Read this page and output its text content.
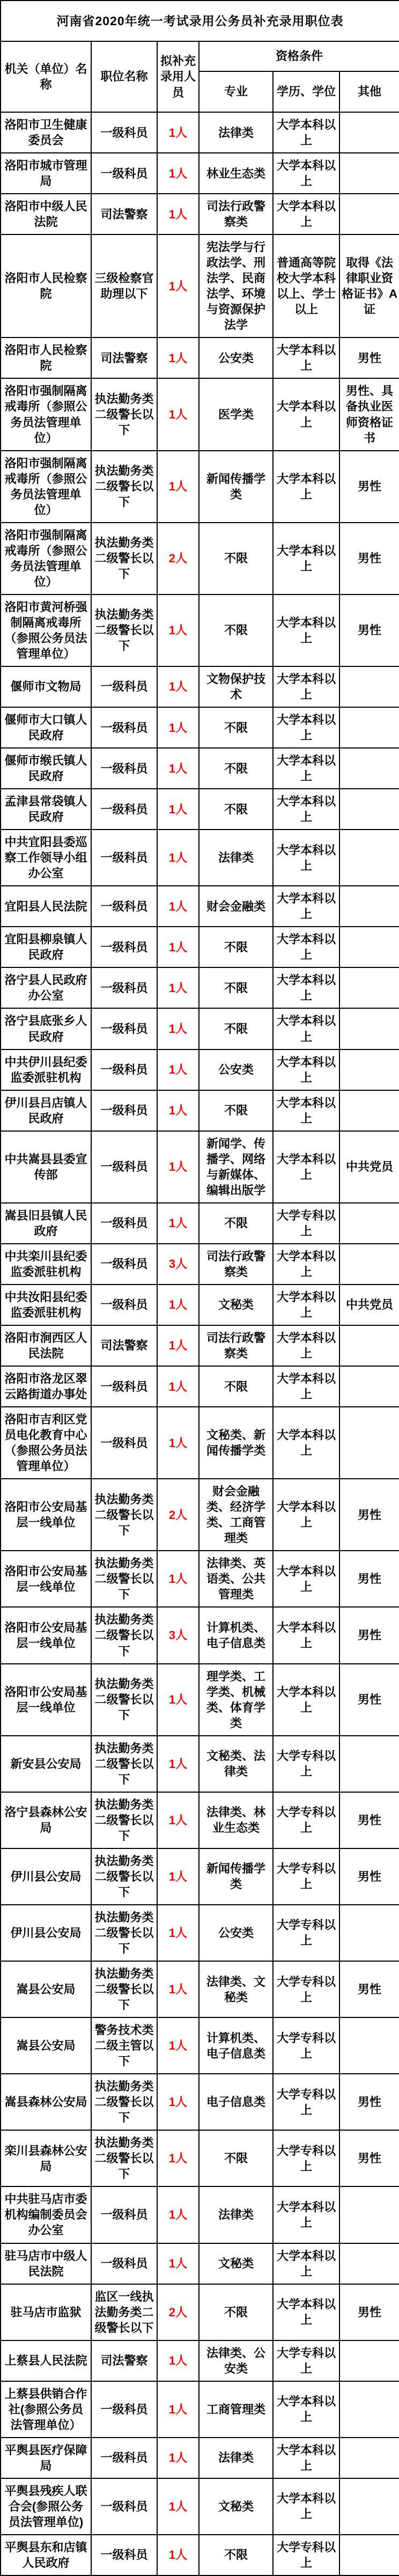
河南省2020年统一考试录用公务员补充录用职位表					
机关（单位）名称	职位名称	拟补充录用人员	资格条件		
			专业	学历、学位	其他
洛阳市卫生健康委员会	一级科员	1人	法律类	大学本科以上	
洛阳市城市管理局	一级科员	1人	林业生态类	大学本科以上	
洛阳市中级人民法院	司法警察	1人	司法行政警察类	大学本科以上	
洛阳市人民检察院	三级检察官助理以下	1人	宪法学与行政法学、刑法学、民商法学、环境与资源保护法学	普通高等院校大学本科以上、学士以上	取得《法律职业资格证书》A证
洛阳市人民检察院	司法警察	1人	公安类	大学本科以上	男性
洛阳市强制隔离戒毒所（参照公务员法管理单位）	执法勤务类二级警长以下	1人	医学类	大学本科以上	男性、具备执业医师资格证书
洛阳市强制隔离戒毒所（参照公务员法管理单位）	执法勤务类二级警长以下	1人	新闻传播学类	大学本科以上	男性
洛阳市强制隔离戒毒所（参照公务员法管理单位）	执法勤务类二级警长以下	2人	不限	大学本科以上	男性
洛阳市黄河桥强制隔离戒毒所（参照公务员法管理单位）	执法勤务类二级警长以下	1人	不限	大学本科以上	男性
偃师市文物局	一级科员	1人	文物保护技术	大学本科以上	
偃师市大口镇人民政府	一级科员	1人	不限	大学本科以上	
偃师市缑氏镇人民政府	一级科员	1人	不限	大学本科以上	
孟津县常袋镇人民政府	一级科员	1人	不限	大学本科以上	
中共宜阳县委巡察工作领导小组办公室	一级科员	1人	法律类	大学本科以上	
宜阳县人民法院	一级科员	1人	财会金融类	大学本科以上	
宜阳县柳泉镇人民政府	一级科员	1人	不限	大学本科以上	
洛宁县人民政府办公室	一级科员	1人	不限	大学本科以上	
洛宁县底张乡人民政府	一级科员	1人	不限	大学本科以上	
中共伊川县纪委监委派驻机构	一级科员	1人	公安类	大学本科以上	
伊川县吕店镇人民政府	一级科员	1人	不限	大学本科以上	
中共嵩县县委宣传部	一级科员	1人	新闻学、传播学、网络与新媒体、编辑出版学	大学本科以上	中共党员
嵩县旧县镇人民政府	一级科员	1人	不限	大学专科以上	
中共栾川县纪委监委派驻机构	一级科员	3人	司法行政警察类	大学本科以上	
中共汝阳县纪委监委派驻机构	一级科员	1人	文秘类	大学本科以上	中共党员
洛阳市涧西区人民法院	司法警察	1人	司法行政警察类	大学本科以上	
洛阳市洛龙区翠云路街道办事处	一级科员	1人	不限	大学本科以上	
洛阳市吉利区党员电化教育中心（参照公务员法管理单位）	一级科员	1人	文秘类、新闻传播学类	大学本科以上	
洛阳市公安局基层一线单位	执法勤务类二级警长以下	2人	财会金融类、经济学类、工商管理类	大学本科以上	男性
洛阳市公安局基层一线单位	执法勤务类二级警长以下	1人	法律类、英语类、公共管理类	大学本科以上	男性
洛阳市公安局基层一线单位	执法勤务类二级警长以下	3人	计算机类、电子信息类	大学本科以上	男性
洛阳市公安局基层一线单位	执法勤务类二级警长以下	1人	理学类、工学类、机械类、体育学类	大学本科以上	男性
新安县公安局	执法勤务类二级警长以下	1人	文秘类、法律类	大学专科以上	
洛宁县森林公安局	执法勤务类二级警长以下	1人	法律类、林业生态类	大学专科以上	男性
伊川县公安局	执法勤务类二级警长以下	1人	新闻传播学类	大学专科以上	男性
伊川县公安局	执法勤务类二级警长以下	1人	公安类	大学专科以上	
嵩县公安局	执法勤务类二级警长以下	1人	法律类、文秘类	大学专科以上	男性
嵩县公安局	警务技术类二级主管以下	1人	计算机类、电子信息类	大学专科以上	
嵩县森林公安局	执法勤务类二级警长以下	1人	电子信息类	大学专科以上	男性
栾川县森林公安局	执法勤务类二级警长以下	1人	不限	大学专科以上	男性
中共驻马店市委机构编制委员会办公室	一级科员	1人	法律类	大学本科以上	
驻马店市中级人民法院	一级科员	1人	文秘类	大学本科以上	
驻马店市监狱	监区一线执法勤务类二级警长以下	2人	不限	大学本科以上	男性
上蔡县人民法院	司法警察	1人	法律类、公安类	大学专科以上	
上蔡县供销合作社(参照公务员法管理单位）	一级科员	1人	工商管理类	大学本科以上	
平舆县医疗保障局	一级科员	1人	法律类	大学本科以上	
平舆县残疾人联合会(参照公务员法管理单位)	一级科员	1人	文秘类	大学本科以上	
平舆县东和店镇人民政府	一级科员	1人	不限	大学专科以上	
